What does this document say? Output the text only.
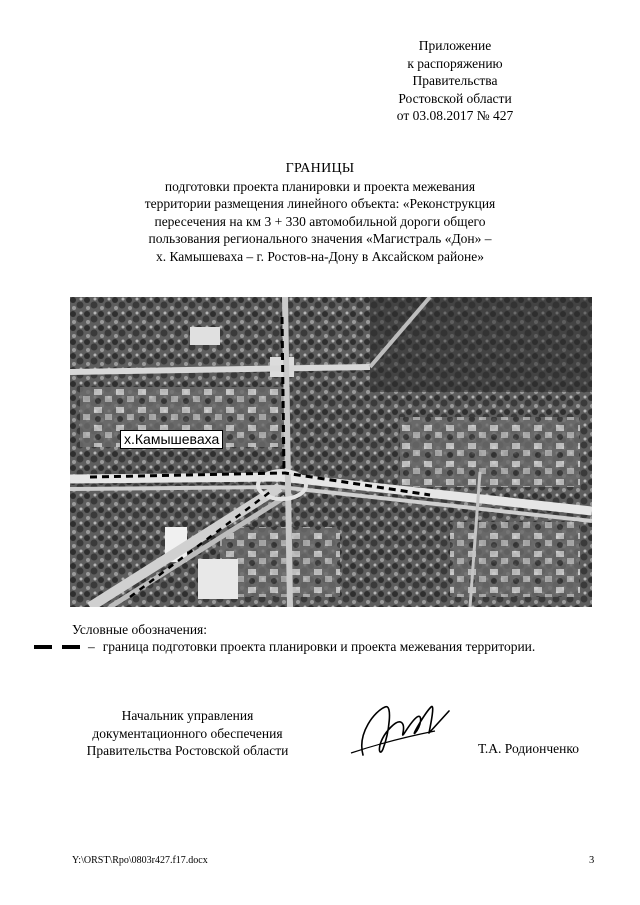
Приложение
к распоряжению
Правительства
Ростовской области
от 03.08.2017 № 427
ГРАНИЦЫ
подготовки проекта планировки и проекта межевания
территории размещения линейного объекта: «Реконструкция
пересечения на км 3 + 330 автомобильной дороги общего
пользования регионального значения «Магистраль «Дон» –
х. Камышеваха – г. Ростов-на-Дону в Аксайском районе»
х.Камышеваха
Условные обозначения:
– граница подготовки проекта планировки и проекта межевания территории.
Начальник управления
документационного обеспечения
Правительства Ростовской области	Т.А. Родионченко
Y:\ORST\Rpo\0803r427.f17.docx	3
